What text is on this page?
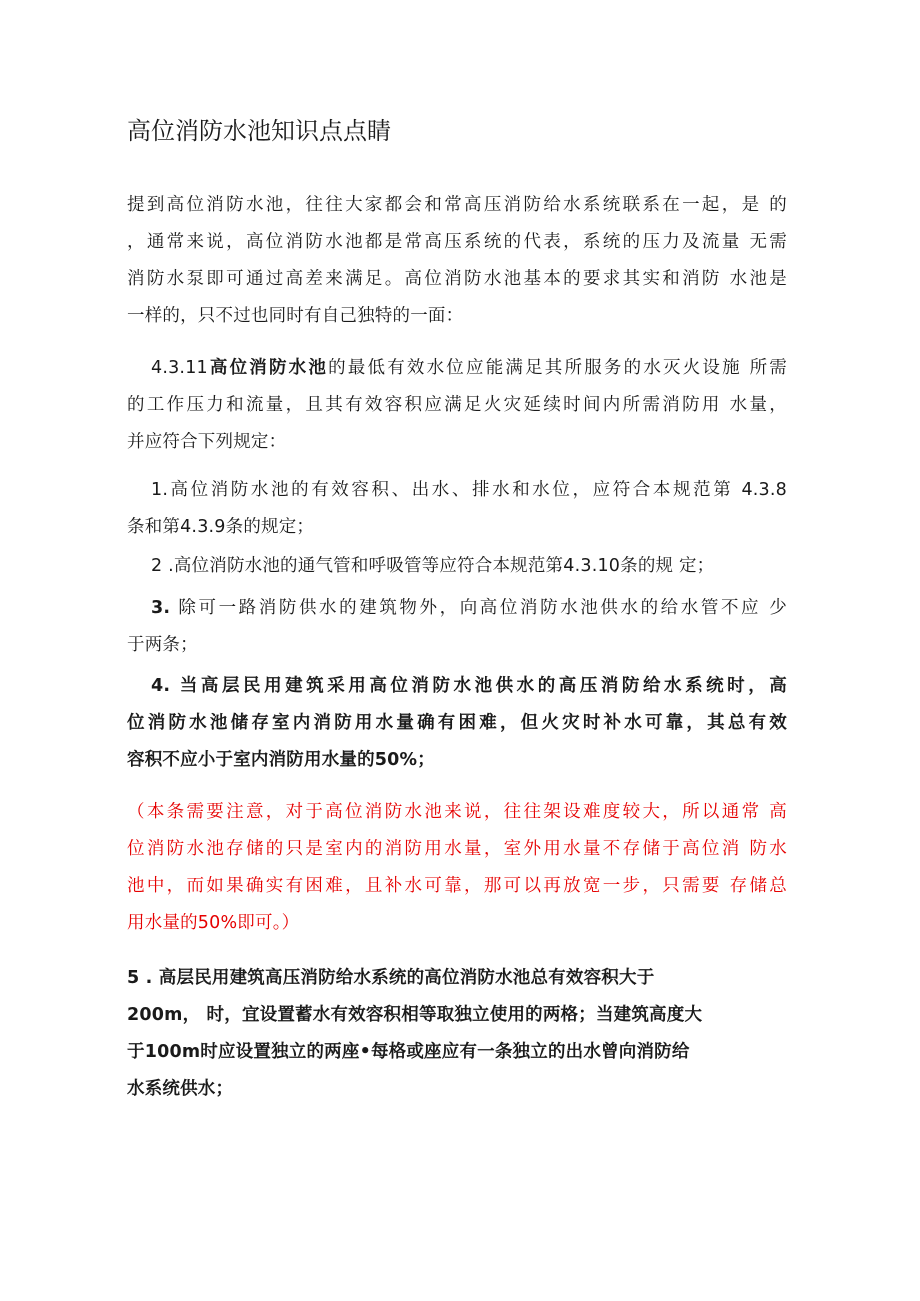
高位消防水池知识点点睛
提到高位消防水池，往往大家都会和常高压消防给水系统联系在一起，是 的
，通常来说，高位消防水池都是常高压系统的代表，系统的压力及流量 无需
消防水泵即可通过高差来满足。高位消防水池基本的要求其实和消防 水池是
一样的，只不过也同时有自己独特的一面：
4.3.11高位消防水池的最低有效水位应能满足其所服务的水灭火设施 所需
的工作压力和流量，且其有效容积应满足火灾延续时间内所需消防用 水量，
并应符合下列规定：
1.高位消防水池的有效容积、出水、排水和水位，应符合本规范第 4.3.8
条和第4.3.9条的规定；
2 .高位消防水池的通气管和呼吸管等应符合本规范第4.3.10条的规 定；
3. 除可一路消防供水的建筑物外，向高位消防水池供水的给水管不应 少
于两条；
4. 当高层民用建筑采用高位消防水池供水的高压消防给水系统时，高
位消防水池储存室内消防用水量确有困难，但火灾时补水可靠，其总有效
容积不应小于室内消防用水量的50%；
（本条需要注意，对于高位消防水池来说，往往架设难度较大，所以通常 高
位消防水池存储的只是室内的消防用水量，室外用水量不存储于高位消 防水
池中，而如果确实有困难，且补水可靠，那可以再放宽一步，只需要 存储总
用水量的50%即可。）
5 . 高层民用建筑高压消防给水系统的高位消防水池总有效容积大于
200m， 时，宜设置蓄水有效容积相等取独立使用的两格；当建筑高度大
于100m时应设置独立的两座•每格或座应有一条独立的出水曾向消防给
水系统供水；
